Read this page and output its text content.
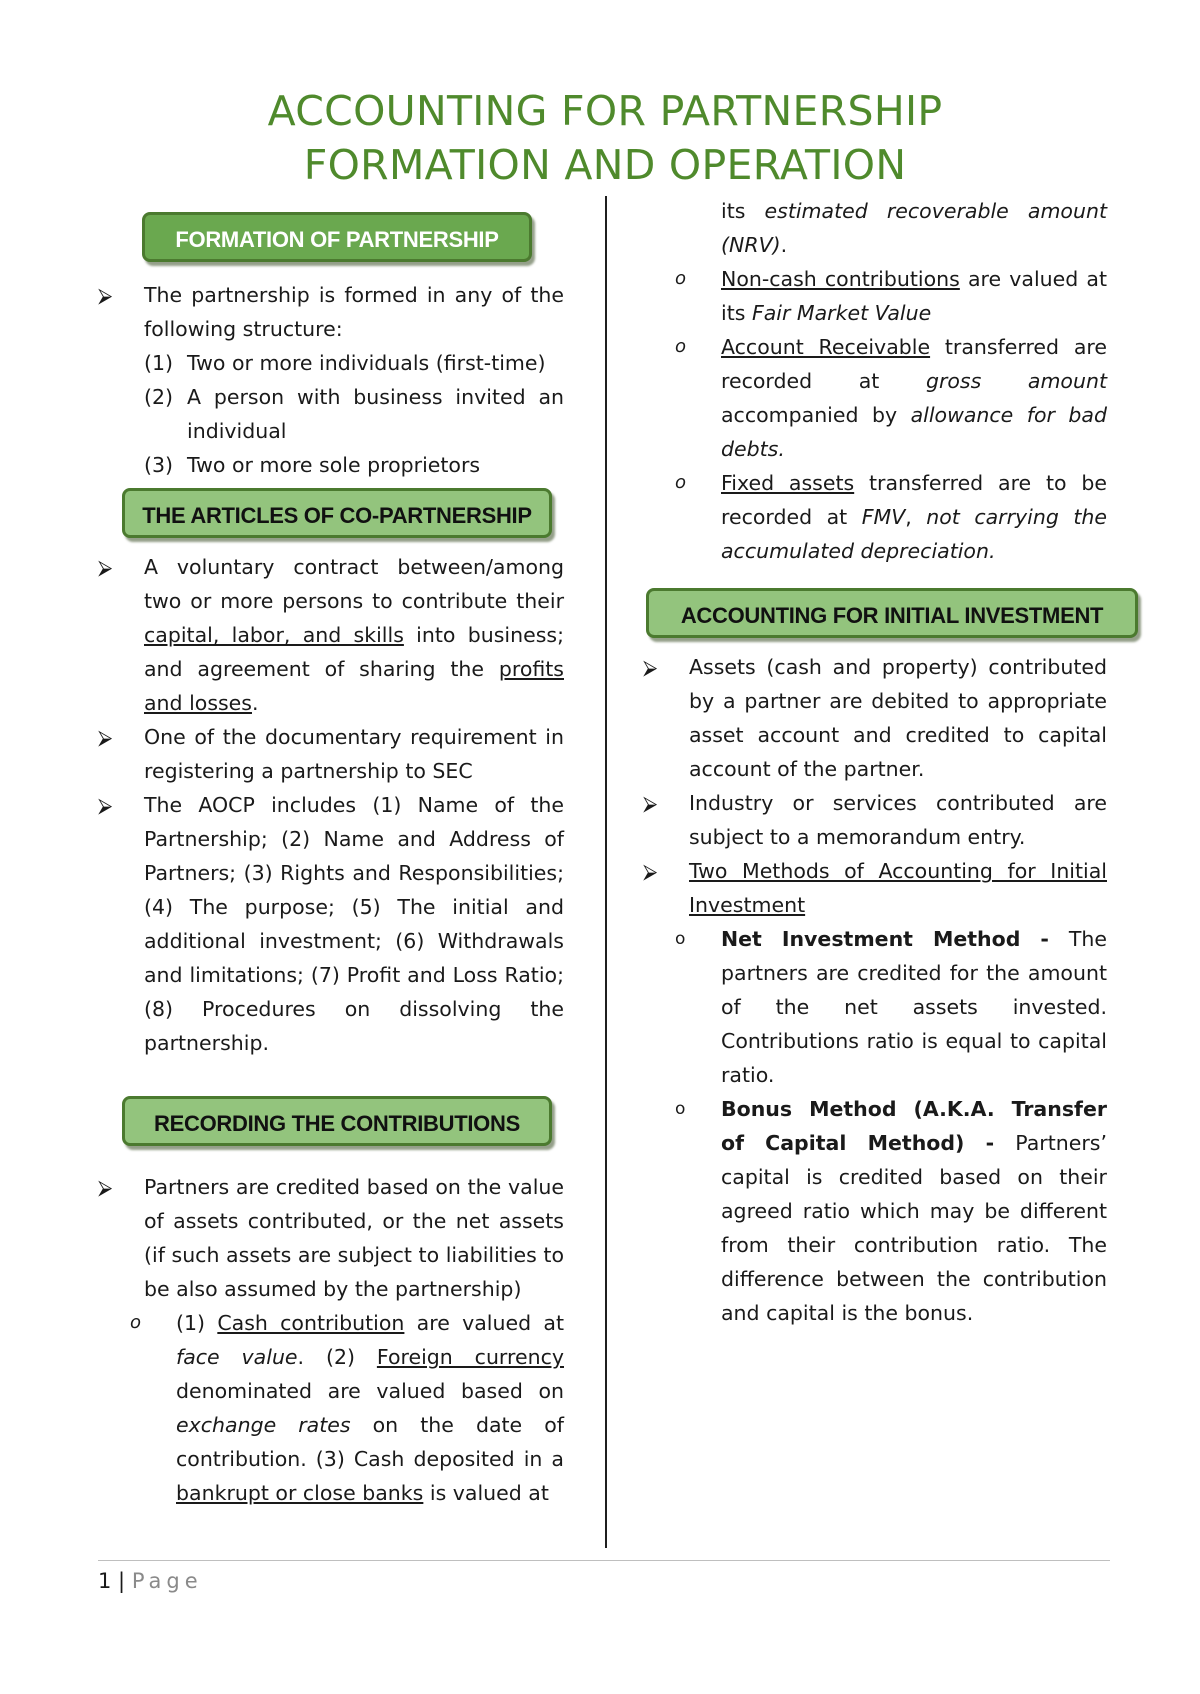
ACCOUNTING FOR PARTNERSHIP
FORMATION AND OPERATION
FORMATION OF PARTNERSHIP
⮚	The partnership is formed in any of the following structure:
(1) Two or more individuals (first-time)
(2) A person with business invited an individual
(3) Two or more sole proprietors
THE ARTICLES OF CO-PARTNERSHIP
⮚	A voluntary contract between/among two or more persons to contribute their capital, labor, and skills into business; and agreement of sharing the profits and losses.
⮚	One of the documentary requirement in registering a partnership to SEC
⮚	The AOCP includes (1) Name of the Partnership; (2) Name and Address of Partners; (3) Rights and Responsibilities; (4) The purpose; (5) The initial and additional investment; (6) Withdrawals and limitations; (7) Profit and Loss Ratio; (8) Procedures on dissolving the partnership.
RECORDING THE CONTRIBUTIONS
⮚	Partners are credited based on the value of assets contributed, or the net assets (if such assets are subject to liabilities to be also assumed by the partnership)
o (1) Cash contribution are valued at face value. (2) Foreign currency denominated are valued based on exchange rates on the date of contribution. (3) Cash deposited in a bankrupt or close banks is valued at
its estimated recoverable amount (NRV).
o Non-cash contributions are valued at its Fair Market Value
o Account Receivable transferred are recorded at gross amount accompanied by allowance for bad debts.
o Fixed assets transferred are to be recorded at FMV, not carrying the accumulated depreciation.
ACCOUNTING FOR INITIAL INVESTMENT
⮚	Assets (cash and property) contributed by a partner are debited to appropriate asset account and credited to capital account of the partner.
⮚	Industry or services contributed are subject to a memorandum entry.
⮚	Two Methods of Accounting for Initial Investment
o Net Investment Method - The partners are credited for the amount of the net assets invested. Contributions ratio is equal to capital ratio.
o Bonus Method (A.K.A. Transfer of Capital Method) - Partners’ capital is credited based on their agreed ratio which may be different from their contribution ratio. The difference between the contribution and capital is the bonus.
1 | Page
